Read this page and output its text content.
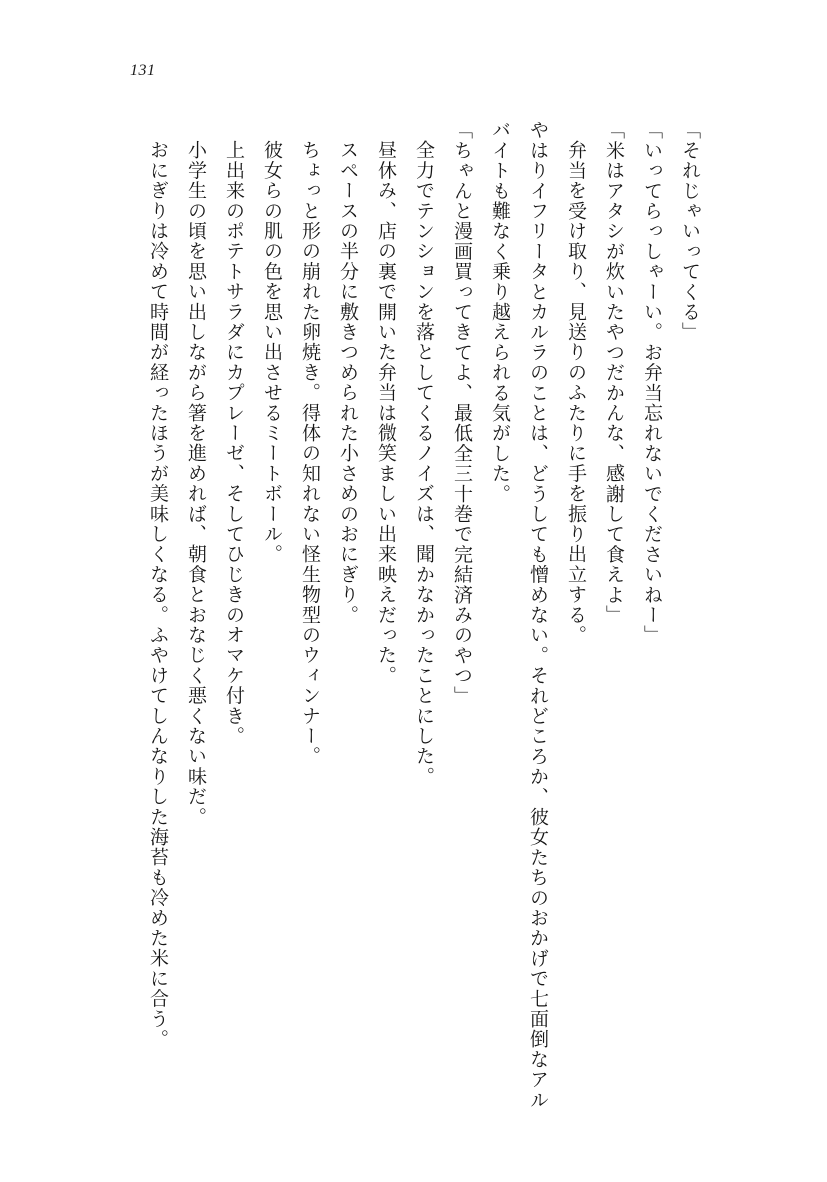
131

「それじゃいってくる」

「いってらっしゃーい。お弁当忘れないでくださいねー」

「米はアタシが炊いたやつだかんな、感謝して食えよ」

弁当を受け取り、見送りのふたりに手を振り出立する。

やはりイフリータとカルラのことは、どうしても憎めない。それどころか、彼女たちのおかげで七面倒なアルバイトも難なく乗り越えられる気がした。

「ちゃんと漫画買ってきてよ、最低全三十巻で完結済みのやつ」

全力でテンションを落としてくるノイズは、聞かなかったことにした。

昼休み、店の裏で開いた弁当は微笑ましい出来映えだった。

スペースの半分に敷きつめられた小さめのおにぎり。

ちょっと形の崩れた卵焼き。得体の知れない怪生物型のウィンナー。

彼女らの肌の色を思い出させるミートボール。

上出来のポテトサラダにカプレーゼ、そしてひじきのオマケ付き。

小学生の頃を思い出しながら箸を進めれば、朝食とおなじく悪くない味だ。

おにぎりは冷めて時間が経ったほうが美味しくなる。ふやけてしんなりした海苔も冷めた米に合う。
